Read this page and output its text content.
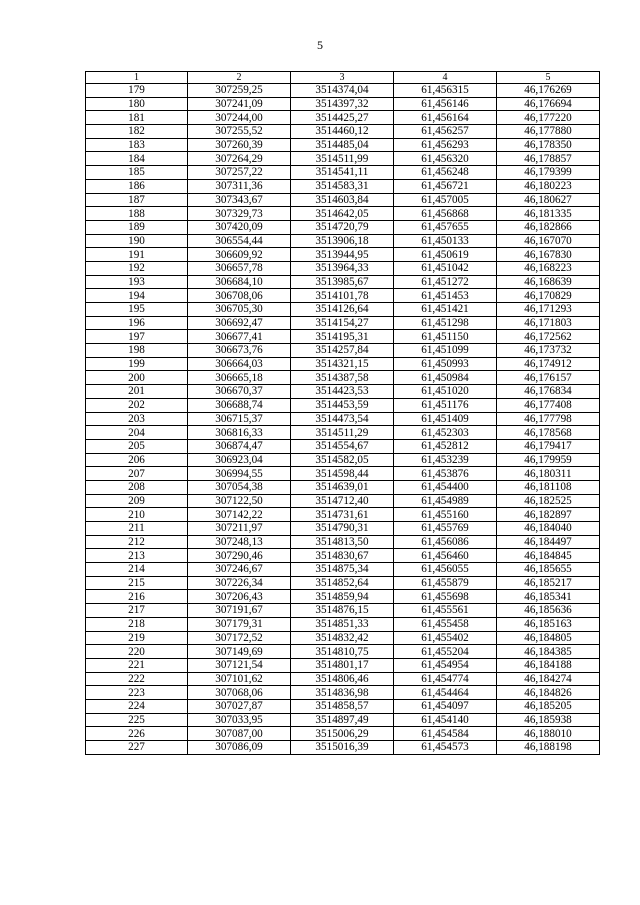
5
1	2	3	4	5
179	307259,25	3514374,04	61,456315	46,176269
180	307241,09	3514397,32	61,456146	46,176694
181	307244,00	3514425,27	61,456164	46,177220
182	307255,52	3514460,12	61,456257	46,177880
183	307260,39	3514485,04	61,456293	46,178350
184	307264,29	3514511,99	61,456320	46,178857
185	307257,22	3514541,11	61,456248	46,179399
186	307311,36	3514583,31	61,456721	46,180223
187	307343,67	3514603,84	61,457005	46,180627
188	307329,73	3514642,05	61,456868	46,181335
189	307420,09	3514720,79	61,457655	46,182866
190	306554,44	3513906,18	61,450133	46,167070
191	306609,92	3513944,95	61,450619	46,167830
192	306657,78	3513964,33	61,451042	46,168223
193	306684,10	3513985,67	61,451272	46,168639
194	306708,06	3514101,78	61,451453	46,170829
195	306705,30	3514126,64	61,451421	46,171293
196	306692,47	3514154,27	61,451298	46,171803
197	306677,41	3514195,31	61,451150	46,172562
198	306673,76	3514257,84	61,451099	46,173732
199	306664,03	3514321,15	61,450993	46,174912
200	306665,18	3514387,58	61,450984	46,176157
201	306670,37	3514423,53	61,451020	46,176834
202	306688,74	3514453,59	61,451176	46,177408
203	306715,37	3514473,54	61,451409	46,177798
204	306816,33	3514511,29	61,452303	46,178568
205	306874,47	3514554,67	61,452812	46,179417
206	306923,04	3514582,05	61,453239	46,179959
207	306994,55	3514598,44	61,453876	46,180311
208	307054,38	3514639,01	61,454400	46,181108
209	307122,50	3514712,40	61,454989	46,182525
210	307142,22	3514731,61	61,455160	46,182897
211	307211,97	3514790,31	61,455769	46,184040
212	307248,13	3514813,50	61,456086	46,184497
213	307290,46	3514830,67	61,456460	46,184845
214	307246,67	3514875,34	61,456055	46,185655
215	307226,34	3514852,64	61,455879	46,185217
216	307206,43	3514859,94	61,455698	46,185341
217	307191,67	3514876,15	61,455561	46,185636
218	307179,31	3514851,33	61,455458	46,185163
219	307172,52	3514832,42	61,455402	46,184805
220	307149,69	3514810,75	61,455204	46,184385
221	307121,54	3514801,17	61,454954	46,184188
222	307101,62	3514806,46	61,454774	46,184274
223	307068,06	3514836,98	61,454464	46,184826
224	307027,87	3514858,57	61,454097	46,185205
225	307033,95	3514897,49	61,454140	46,185938
226	307087,00	3515006,29	61,454584	46,188010
227	307086,09	3515016,39	61,454573	46,188198
